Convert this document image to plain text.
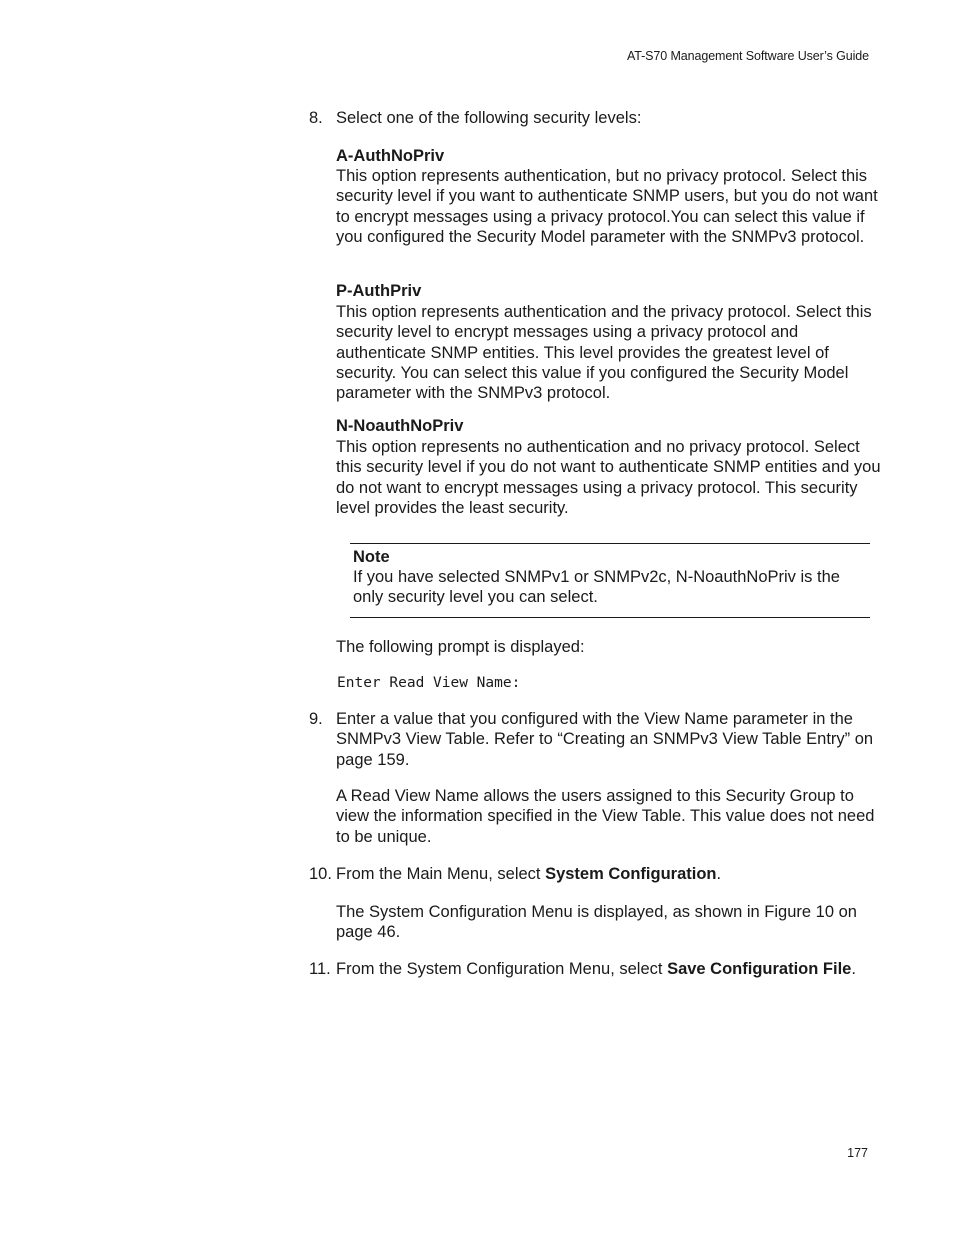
AT-S70 Management Software User’s Guide
8. Select one of the following security levels:
A-AuthNoPriv
This option represents authentication, but no privacy protocol. Select this security level if you want to authenticate SNMP users, but you do not want to encrypt messages using a privacy protocol.You can select this value if you configured the Security Model parameter with the SNMPv3 protocol.
P-AuthPriv
This option represents authentication and the privacy protocol. Select this security level to encrypt messages using a privacy protocol and authenticate SNMP entities. This level provides the greatest level of security. You can select this value if you configured the Security Model parameter with the SNMPv3 protocol.
N-NoauthNoPriv
This option represents no authentication and no privacy protocol. Select this security level if you do not want to authenticate SNMP entities and you do not want to encrypt messages using a privacy protocol. This security level provides the least security.
Note
If you have selected SNMPv1 or SNMPv2c, N-NoauthNoPriv is the only security level you can select.
The following prompt is displayed:
Enter Read View Name:
9. Enter a value that you configured with the View Name parameter in the SNMPv3 View Table. Refer to “Creating an SNMPv3 View Table Entry” on page 159.
A Read View Name allows the users assigned to this Security Group to view the information specified in the View Table. This value does not need to be unique.
10. From the Main Menu, select System Configuration.
The System Configuration Menu is displayed, as shown in Figure 10 on page 46.
11. From the System Configuration Menu, select Save Configuration File.
177
